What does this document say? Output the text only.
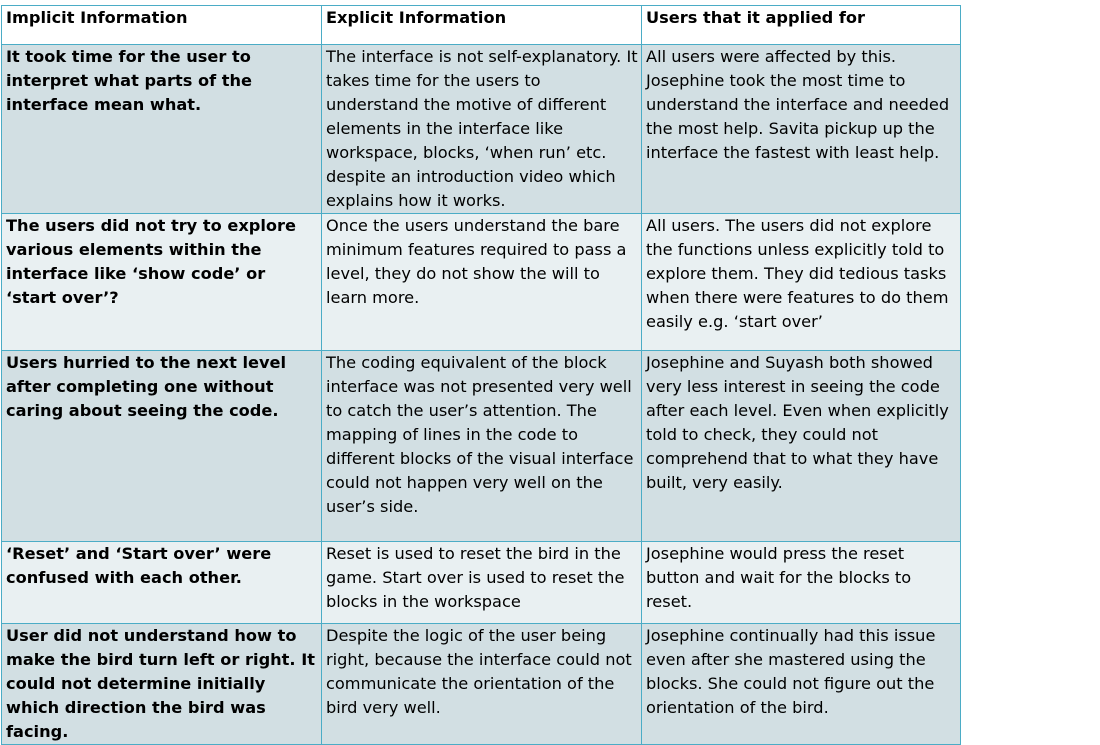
Implicit Information	Explicit Information	Users that it applied for
It took time for the user to interpret what parts of the interface mean what.	The interface is not self-explanatory. It takes time for the users to understand the motive of different elements in the interface like workspace, blocks, ‘when run’ etc. despite an introduction video which explains how it works.	All users were affected by this. Josephine took the most time to understand the interface and needed the most help. Savita pickup up the interface the fastest with least help.
The users did not try to explore various elements within the interface like ‘show code’ or ‘start over’?	Once the users understand the bare minimum features required to pass a level, they do not show the will to learn more.	All users. The users did not explore the functions unless explicitly told to explore them. They did tedious tasks when there were features to do them easily e.g. ‘start over’
Users hurried to the next level after completing one without caring about seeing the code.	The coding equivalent of the block interface was not presented very well to catch the user’s attention. The mapping of lines in the code to different blocks of the visual interface could not happen very well on the user’s side.	Josephine and Suyash both showed very less interest in seeing the code after each level. Even when explicitly told to check, they could not comprehend that to what they have built, very easily.
‘Reset’ and ‘Start over’ were confused with each other.	Reset is used to reset the bird in the game. Start over is used to reset the blocks in the workspace	Josephine would press the reset button and wait for the blocks to reset.
User did not understand how to make the bird turn left or right. It could not determine initially which direction the bird was facing.	Despite the logic of the user being right, because the interface could not communicate the orientation of the bird very well.	Josephine continually had this issue even after she mastered using the blocks. She could not figure out the orientation of the bird.
